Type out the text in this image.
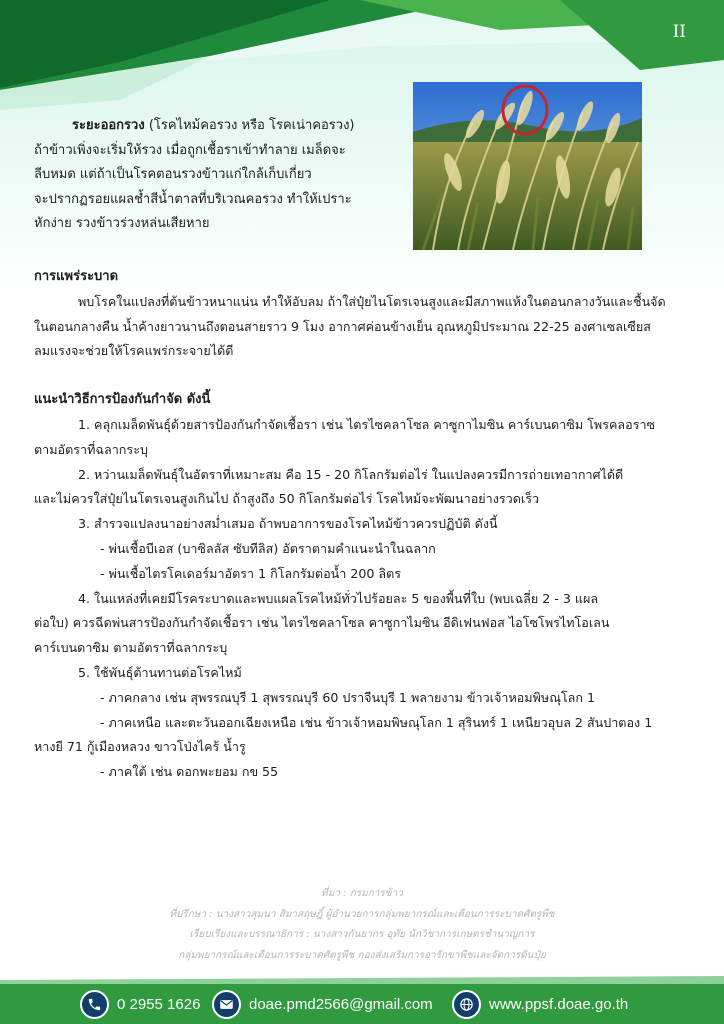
II
ระยะออกรวง (โรคไหม้คอรวง หรือ โรคเน่าคอรวง)
ถ้าข้าวเพิ่งจะเริ่มให้รวง เมื่อถูกเชื้อราเข้าทำลาย เมล็ดจะ
ลีบหมด แต่ถ้าเป็นโรคตอนรวงข้าวแก่ใกล้เก็บเกี่ยว
จะปรากฏรอยแผลช้ำสีน้ำตาลที่บริเวณคอรวง ทำให้เปราะ
หักง่าย รวงข้าวร่วงหล่นเสียหาย
การแพร่ระบาด
พบโรคในแปลงที่ต้นข้าวหนาแน่น ทำให้อับลม ถ้าใส่ปุ๋ยไนโตรเจนสูงและมีสภาพแห้งในตอนกลางวันและชื้นจัด
ในตอนกลางคืน น้ำค้างยาวนานถึงตอนสายราว 9 โมง อากาศค่อนข้างเย็น อุณหภูมิประมาณ 22-25 องศาเซลเซียส
ลมแรงจะช่วยให้โรคแพร่กระจายได้ดี
แนะนำวิธีการป้องกันกำจัด ดังนี้
1. คลุกเมล็ดพันธุ์ด้วยสารป้องกันกำจัดเชื้อรา เช่น ไตรไซคลาโซล คาซูกาไมซิน คาร์เบนดาซิม โพรคลอราซ
ตามอัตราที่ฉลากระบุ
2. หว่านเมล็ดพันธุ์ในอัตราที่เหมาะสม คือ 15 - 20 กิโลกรัมต่อไร่ ในแปลงควรมีการถ่ายเทอากาศได้ดี
และไม่ควรใส่ปุ๋ยไนโตรเจนสูงเกินไป ถ้าสูงถึง 50 กิโลกรัมต่อไร่ โรคไหม้จะพัฒนาอย่างรวดเร็ว
3. สำรวจแปลงนาอย่างสม่ำเสมอ ถ้าพบอาการของโรคไหม้ข้าวควรปฏิบัติ ดังนี้
- พ่นเชื้อบีเอส (บาซิลลัส ซับทีลิส) อัตราตามคำแนะนำในฉลาก
- พ่นเชื้อไตรโคเดอร์มาอัตรา 1 กิโลกรัมต่อน้ำ 200 ลิตร
4. ในแหล่งที่เคยมีโรคระบาดและพบแผลโรคไหม้ทั่วไปร้อยละ 5 ของพื้นที่ใบ (พบเฉลี่ย 2 - 3 แผล
ต่อใบ) ควรฉีดพ่นสารป้องกันกำจัดเชื้อรา เช่น ไตรไซคลาโซล คาซูกาไมซิน อีดิเฟนฟอส ไอโซโพรไทโอเลน
คาร์เบนดาซิม ตามอัตราที่ฉลากระบุ
5. ใช้พันธุ์ต้านทานต่อโรคไหม้
- ภาคกลาง เช่น สุพรรณบุรี 1 สุพรรณบุรี 60 ปราจีนบุรี 1 พลายงาม ข้าวเจ้าหอมพิษณุโลก 1
- ภาคเหนือ และตะวันออกเฉียงเหนือ เช่น ข้าวเจ้าหอมพิษณุโลก 1 สุรินทร์ 1 เหนียวอุบล 2 สันปาตอง 1
หางยี 71 กู้เมืองหลวง ขาวโป่งไคร้ น้ำรู
- ภาคใต้ เช่น ดอกพะยอม กข 55
ที่มา : กรมการข้าว
ที่ปรึกษา : นางสาวสุมนา สิมาสฤษฎิ์ ผู้อำนวยการกลุ่มพยากรณ์และเตือนการระบาดศัตรูพืช
เรียบเรียงและบรรณาธิการ : นางสาวกันยากร อุทัย นักวิชาการเกษตรชำนาญการ
กลุ่มพยากรณ์และเตือนการระบาดศัตรูพืช กองส่งเสริมการอารักขาพืชและจัดการดินปุ๋ย
0 2955 1626	doae.pmd2566@gmail.com	www.ppsf.doae.go.th
